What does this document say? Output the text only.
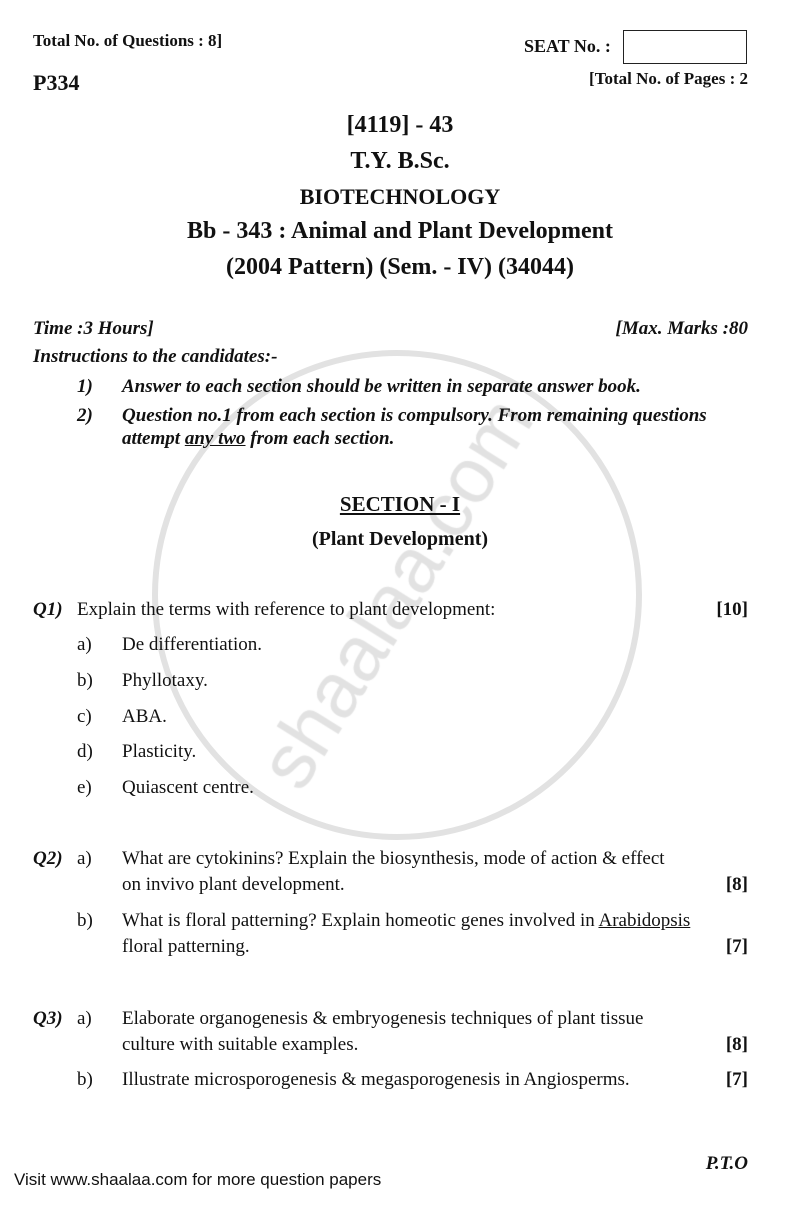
Total No. of Questions : 8]	SEAT No. :
P334	[Total No. of Pages : 2
[4119] - 43
T.Y. B.Sc.
BIOTECHNOLOGY
Bb - 343 : Animal and Plant Development
(2004 Pattern) (Sem. - IV) (34044)
Time :3 Hours]	[Max. Marks :80
Instructions to the candidates:-
1) Answer to each section should be written in separate answer book.
2) Question no.1 from each section is compulsory. From remaining questions
attempt any two from each section.
SECTION - I
(Plant Development)
Q1) Explain the terms with reference to plant development:	[10]
a) De differentiation.
b) Phyllotaxy.
c) ABA.
d) Plasticity.
e) Quiascent centre.
Q2) a) What are cytokinins? Explain the biosynthesis, mode of action & effect
on invivo plant development.	[8]
b) What is floral patterning? Explain homeotic genes involved in Arabidopsis
floral patterning.	[7]
Q3) a) Elaborate organogenesis & embryogenesis techniques of plant tissue
culture with suitable examples.	[8]
b) Illustrate microsporogenesis & megasporogenesis in Angiosperms.	[7]
P.T.O
Visit www.shaalaa.com for more question papers
